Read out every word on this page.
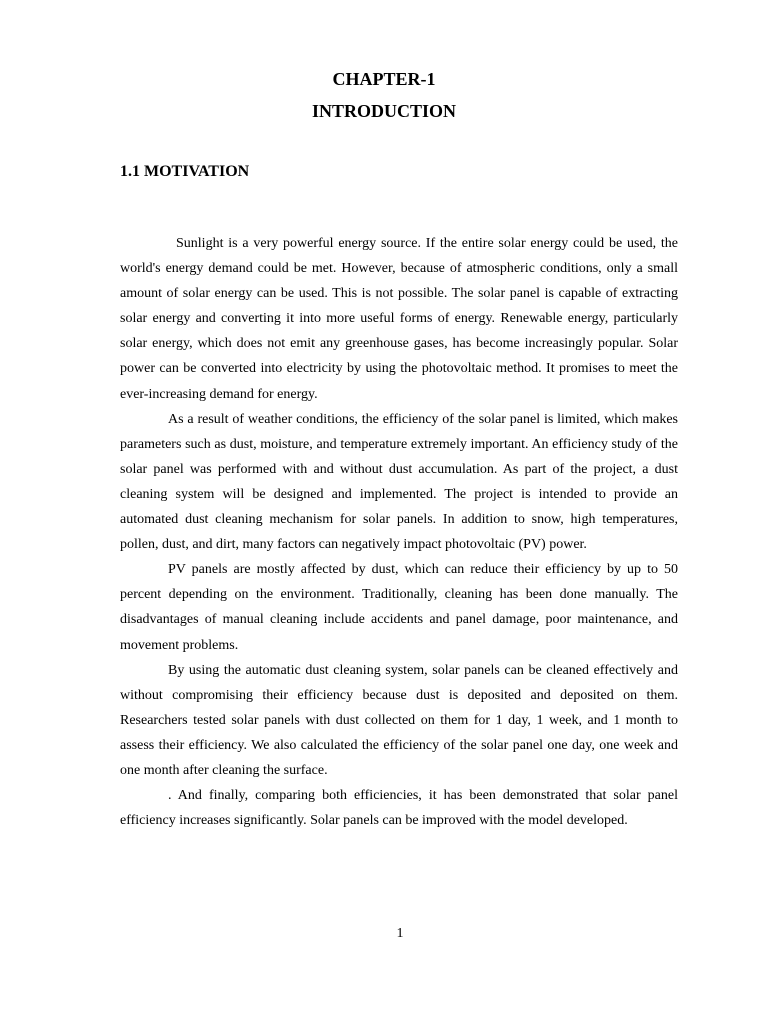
CHAPTER-1
INTRODUCTION
1.1 MOTIVATION

Sunlight is a very powerful energy source. If the entire solar energy could be used, the world's energy demand could be met. However, because of atmospheric conditions, only a small amount of solar energy can be used. This is not possible. The solar panel is capable of extracting solar energy and converting it into more useful forms of energy. Renewable energy, particularly solar energy, which does not emit any greenhouse gases, has become increasingly popular. Solar power can be converted into electricity by using the photovoltaic method. It promises to meet the ever-increasing demand for energy.

As a result of weather conditions, the efficiency of the solar panel is limited, which makes parameters such as dust, moisture, and temperature extremely important. An efficiency study of the solar panel was performed with and without dust accumulation. As part of the project, a dust cleaning system will be designed and implemented. The project is intended to provide an automated dust cleaning mechanism for solar panels. In addition to snow, high temperatures, pollen, dust, and dirt, many factors can negatively impact photovoltaic (PV) power.

PV panels are mostly affected by dust, which can reduce their efficiency by up to 50 percent depending on the environment. Traditionally, cleaning has been done manually. The disadvantages of manual cleaning include accidents and panel damage, poor maintenance, and movement problems.

By using the automatic dust cleaning system, solar panels can be cleaned effectively and without compromising their efficiency because dust is deposited and deposited on them. Researchers tested solar panels with dust collected on them for 1 day, 1 week, and 1 month to assess their efficiency. We also calculated the efficiency of the solar panel one day, one week and one month after cleaning the surface.

. And finally, comparing both efficiencies, it has been demonstrated that solar panel efficiency increases significantly. Solar panels can be improved with the model developed.

1
